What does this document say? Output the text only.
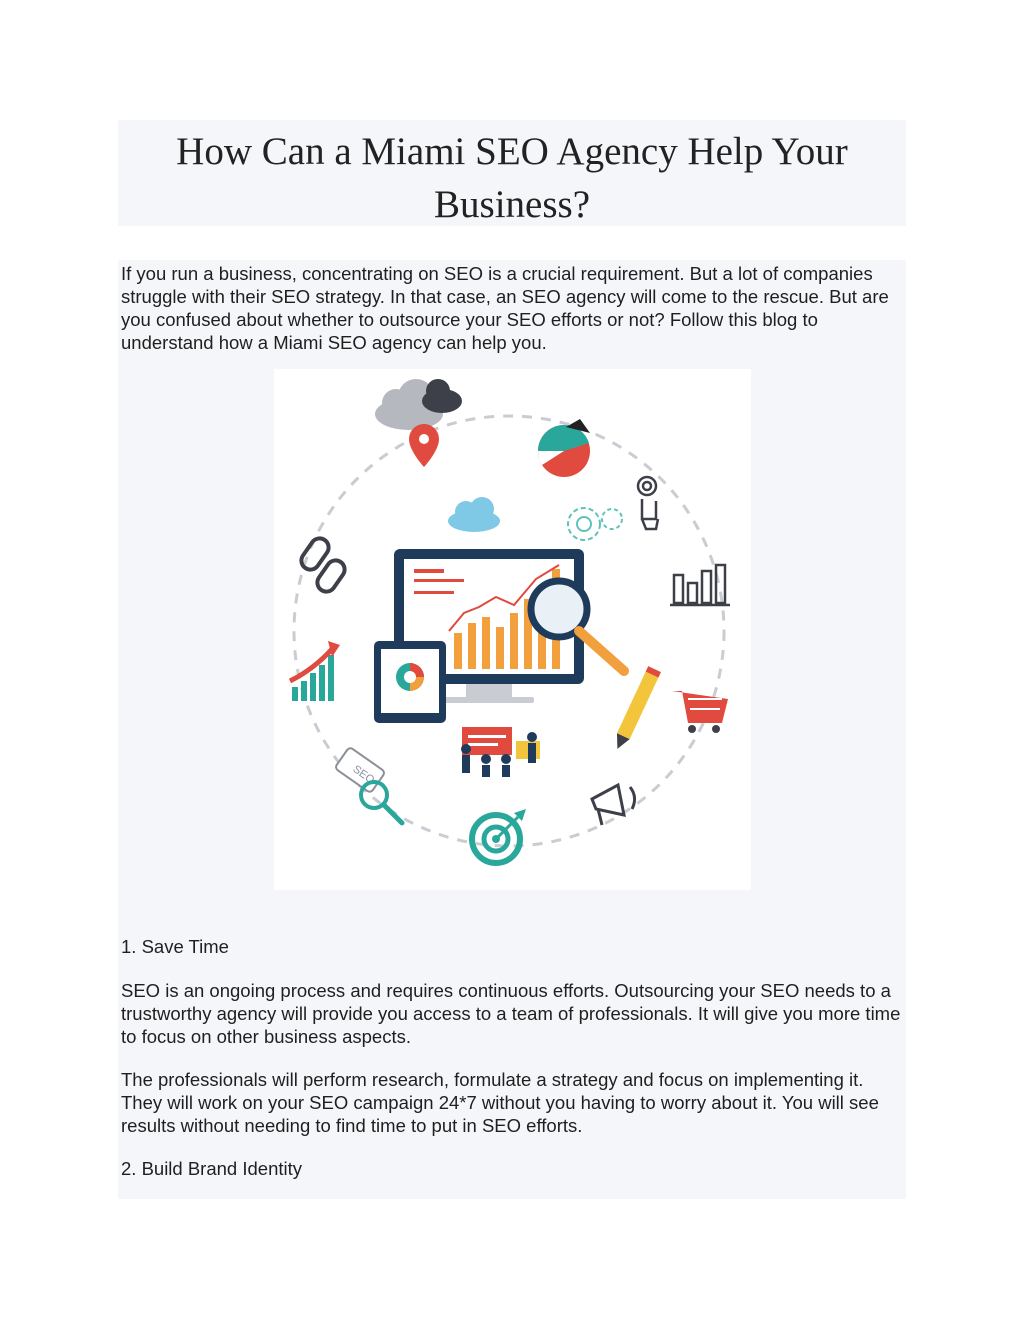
How Can a Miami SEO Agency Help Your Business?

If you run a business, concentrating on SEO is a crucial requirement. But a lot of companies struggle with their SEO strategy. In that case, an SEO agency will come to the rescue. But are you confused about whether to outsource your SEO efforts or not? Follow this blog to understand how a Miami SEO agency can help you.

SEO

1. Save Time

SEO is an ongoing process and requires continuous efforts. Outsourcing your SEO needs to a trustworthy agency will provide you access to a team of professionals. It will give you more time to focus on other business aspects.

The professionals will perform research, formulate a strategy and focus on implementing it. They will work on your SEO campaign 24*7 without you having to worry about it. You will see results without needing to find time to put in SEO efforts.

2. Build Brand Identity
